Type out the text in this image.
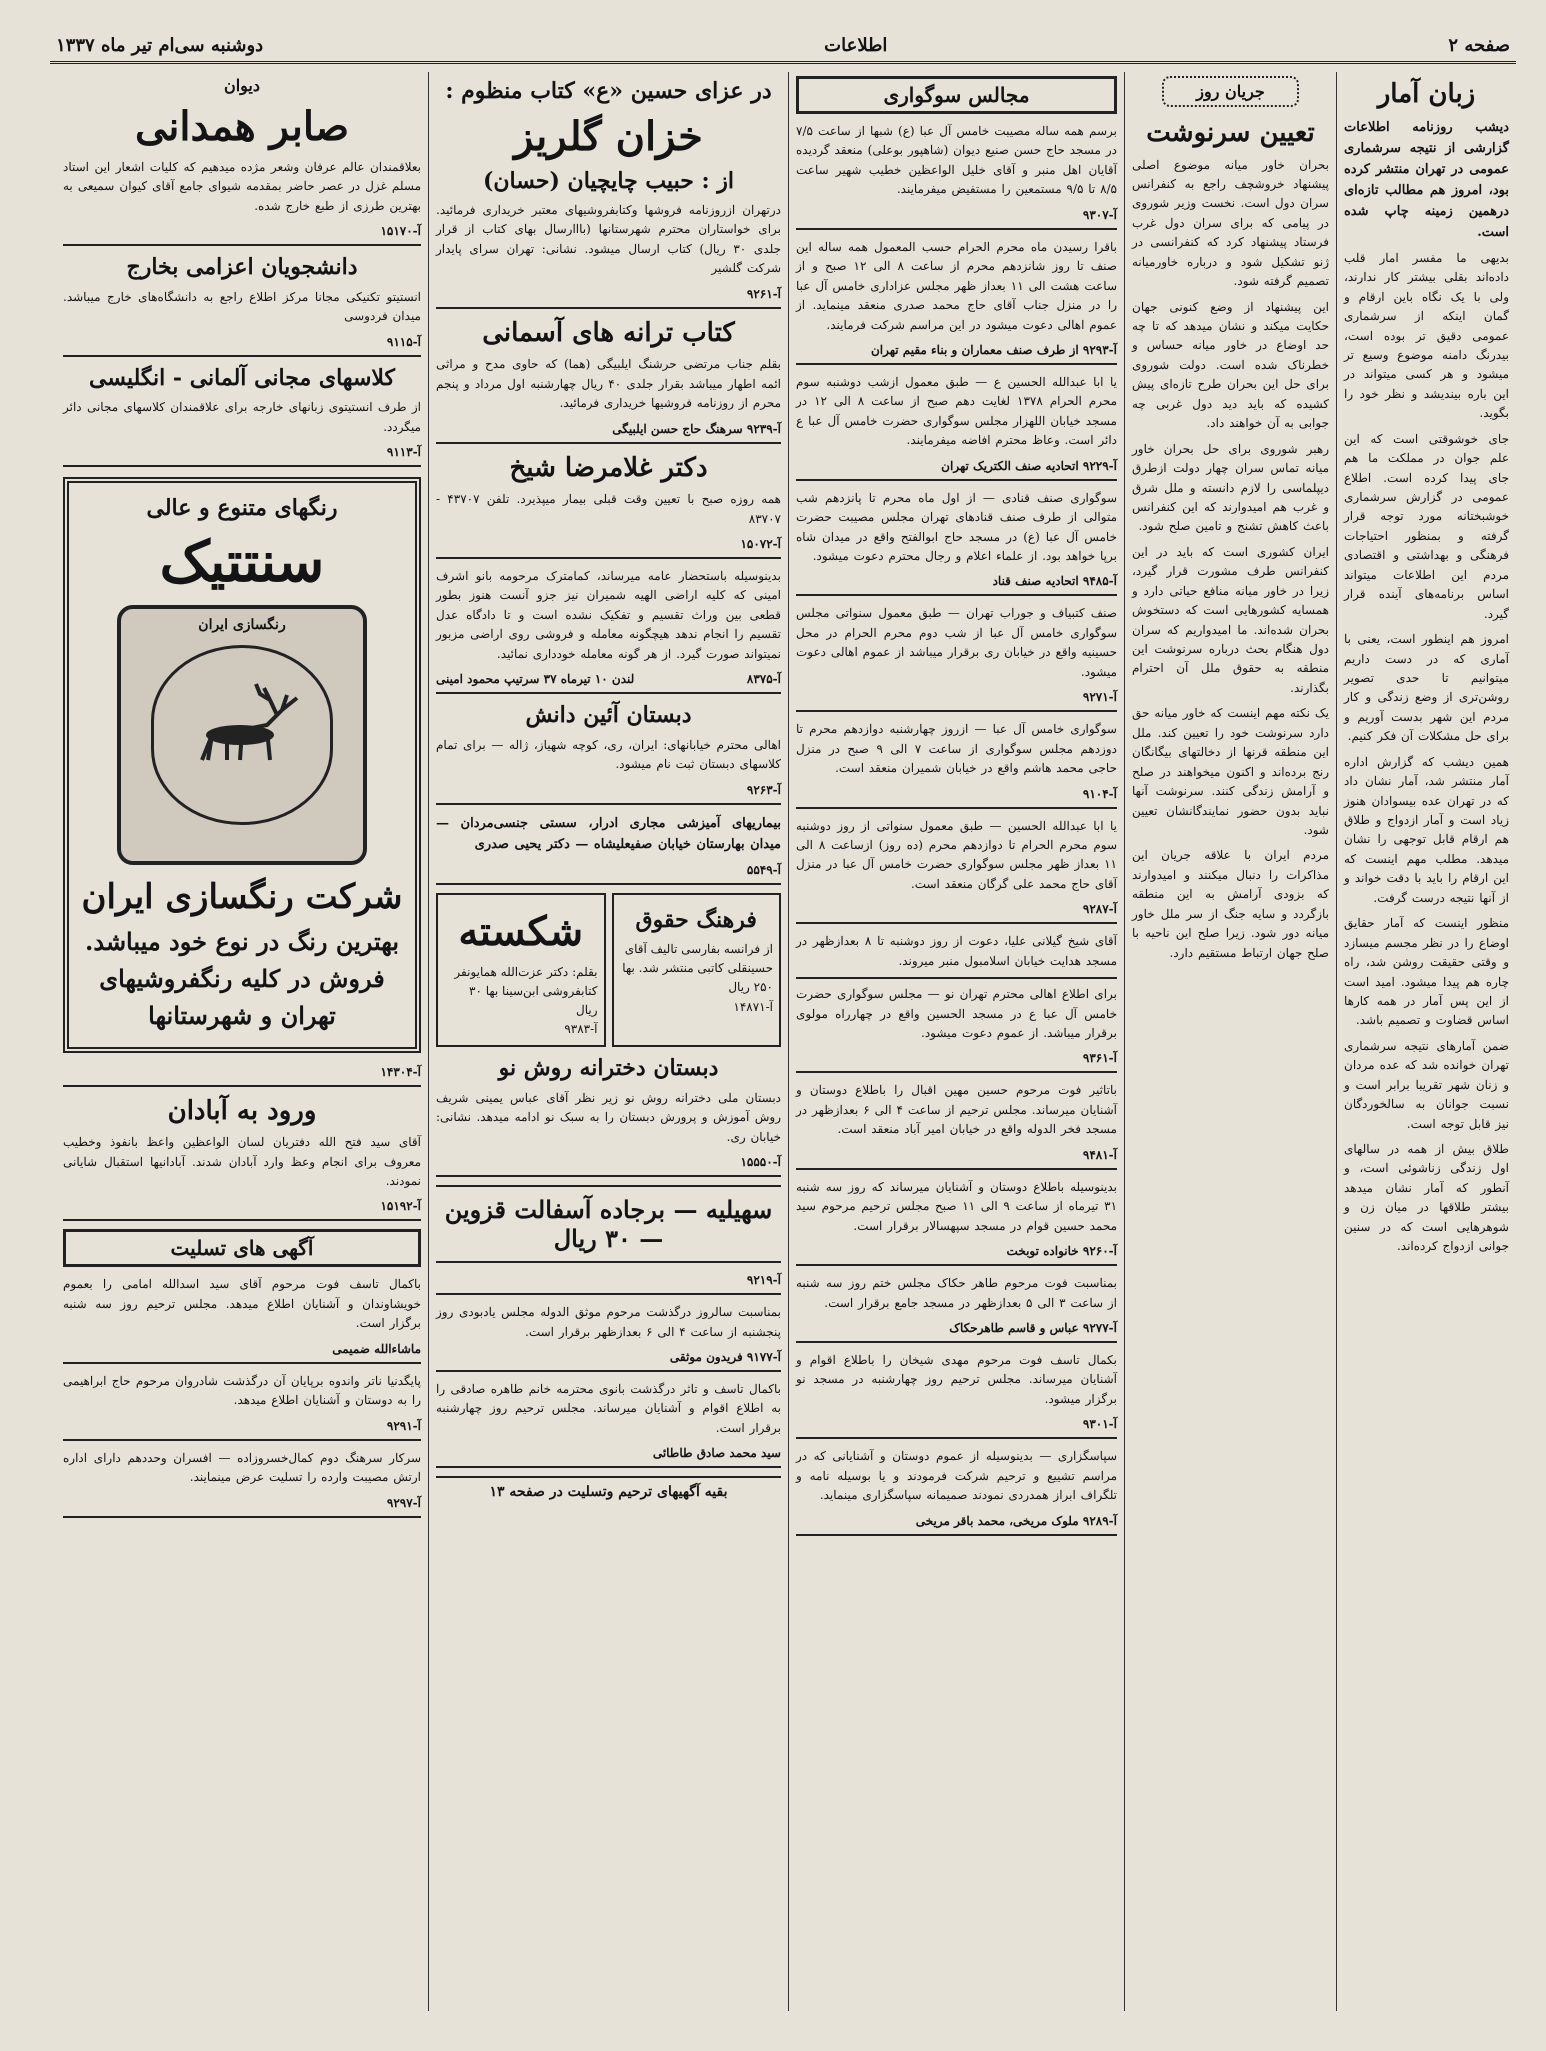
صفحه ۲
اطلاعات
دوشنبه سی‌ام تیر ماه ۱۳۳۷
زبان آمار

دیشب روزنامه اطلاعات گزارشی از نتیجه سرشماری عمومی در تهران منتشر کرده بود، امروز هم مطالب تازه‌ای درهمین زمینه چاپ شده است.

بدیهی ما مفسر امار قلب داده‌اند بقلی بیشتر کار ندارند، ولی با یک نگاه باین ارقام و گمان اینکه از سرشماری عمومی دقیق تر بوده است، بیدرنگ دامنه موضوع وسیع تر میشود و هر کسی میتواند در این باره بیندیشد و نظر خود را بگوید.

جای خوشوقتی است که این علم جوان در مملکت ما هم جای پیدا کرده است. اطلاع عمومی در گزارش سرشماری خوشبختانه مورد توجه قرار گرفته و بمنظور احتیاجات فرهنگی و بهداشتی و اقتصادی مردم این اطلاعات میتواند اساس برنامه‌های آینده قرار گیرد.

امروز هم اینطور است، یعنی با آماری که در دست داریم میتوانیم تا حدی تصویر روشن‌تری از وضع زندگی و کار مردم این شهر بدست آوریم و برای حل مشکلات آن فکر کنیم.

همین دیشب که گزارش اداره آمار منتشر شد، آمار نشان داد که در تهران عده بیسوادان هنوز زیاد است و آمار ازدواج و طلاق هم ارقام قابل توجهی را نشان میدهد. مطلب مهم اینست که این ارقام را باید با دقت خواند و از آنها نتیجه درست گرفت.

منظور اینست که آمار حقایق اوضاع را در نظر مجسم میسازد و وقتی حقیقت روشن شد، راه چاره هم پیدا میشود. امید است از این پس آمار در همه کارها اساس قضاوت و تصمیم باشد.

ضمن آمارهای نتیجه سرشماری تهران خوانده شد که عده مردان و زنان شهر تقریبا برابر است و نسبت جوانان به سالخوردگان نیز قابل توجه است.

طلاق بیش از همه در سالهای اول زندگی زناشوئی است، و آنطور که آمار نشان میدهد بیشتر طلاقها در میان زن و شوهرهایی است که در سنین جوانی ازدواج کرده‌اند.

جریان روز
تعیین سرنوشت

بحران خاور میانه موضوع اصلی پیشنهاد خروشچف راجع به کنفرانس سران دول است. نخست وزیر شوروی در پیامی که برای سران دول غرب فرستاد پیشنهاد کرد که کنفرانسی در ژنو تشکیل شود و درباره خاورمیانه تصمیم گرفته شود.

این پیشنهاد از وضع کنونی جهان حکایت میکند و نشان میدهد که تا چه حد اوضاع در خاور میانه حساس و خطرناک شده است. دولت شوروی برای حل این بحران طرح تازه‌ای پیش کشیده که باید دید دول غربی چه جوابی به آن خواهند داد.

رهبر شوروی برای حل بحران خاور میانه تماس سران چهار دولت ازطرق دیپلماسی را لازم دانسته و ملل شرق و غرب هم امیدوارند که این کنفرانس باعث کاهش تشنج و تامین صلح شود.

ایران کشوری است که باید در این کنفرانس طرف مشورت قرار گیرد، زیرا در خاور میانه منافع حیاتی دارد و همسایه کشورهایی است که دستخوش بحران شده‌اند. ما امیدواریم که سران دول هنگام بحث درباره سرنوشت این منطقه به حقوق ملل آن احترام بگذارند.

یک نکته مهم اینست که خاور میانه حق دارد سرنوشت خود را تعیین کند. ملل این منطقه قرنها از دخالتهای بیگانگان رنج برده‌اند و اکنون میخواهند در صلح و آرامش زندگی کنند. سرنوشت آنها نباید بدون حضور نمایندگانشان تعیین شود.

مردم ایران با علاقه جریان این مذاکرات را دنبال میکنند و امیدوارند که بزودی آرامش به این منطقه بازگردد و سایه جنگ از سر ملل خاور میانه دور شود. زیرا صلح این ناحیه با صلح جهان ارتباط مستقیم دارد.

مجالس سوگواری

برسم همه ساله مصیبت خامس آل عبا (ع) شبها از ساعت ۷/۵ در مسجد حاج حسن صنیع دیوان (شاهپور بوعلی) منعقد گردیده آقایان اهل منبر و آقای خلیل الواعظین خطیب شهیر ساعت ۸/۵ تا ۹/۵ مستمعین را مستفیض میفرمایند.

آ-۹۳۰۷

باقرا رسیدن ماه محرم الحرام حسب المعمول همه ساله این صنف تا روز شانزدهم محرم از ساعت ۸ الی ۱۲ صبح و از ساعت هشت الی ۱۱ بعداز ظهر مجلس عزاداری خامس آل عبا را در منزل جناب آقای حاج محمد صدری منعقد مینماید. از عموم اهالی دعوت میشود در این مراسم شرکت فرمایند.

آ-۹۲۹۳ از طرف صنف معماران و بناء مقیم تهران

یا ابا عبدالله الحسین ع — طبق معمول ازشب دوشنبه سوم محرم الحرام ۱۳۷۸ لغایت دهم صبح از ساعت ۸ الی ۱۲ در مسجد خیابان اللهزار مجلس سوگواری حضرت خامس آل عبا ع دائر است. وعاظ محترم افاضه میفرمایند.

آ-۹۲۲۹ اتحادیه صنف الکتریک تهران

سوگواری صنف قنادی — از اول ماه محرم تا پانزدهم شب متوالی از طرف صنف قنادهای تهران مجلس مصیبت حضرت خامس آل عبا (ع) در مسجد حاج ابوالفتح واقع در میدان شاه برپا خواهد بود. از علماء اعلام و رجال محترم دعوت میشود.

آ-۹۴۸۵ اتحادیه صنف قناد

صنف کتبیاف و جوراب تهران — طبق معمول سنواتی مجلس سوگواری خامس آل عبا از شب دوم محرم الحرام در محل حسینیه واقع در خیابان ری برقرار میباشد از عموم اهالی دعوت میشود.

آ-۹۲۷۱

سوگواری خامس آل عبا — ازروز چهارشنبه دوازدهم محرم تا دوزدهم مجلس سوگواری از ساعت ۷ الی ۹ صبح در منزل حاجی محمد هاشم واقع در خیابان شمیران منعقد است.

آ-۹۱۰۴

یا ابا عبدالله الحسین — طبق معمول سنواتی از روز دوشنبه سوم محرم الحرام تا دوازدهم محرم (ده روز) ازساعت ۸ الی ۱۱ بعداز ظهر مجلس سوگواری حضرت خامس آل عبا در منزل آقای حاج محمد علی گرگان منعقد است.

آ-۹۲۸۷

آقای شیخ گیلانی علیا، دعوت از روز دوشنبه تا ۸ بعدازظهر در مسجد هدایت خیابان اسلامبول منبر میروند.

برای اطلاع اهالی محترم تهران نو — مجلس سوگواری حضرت خامس آل عبا ع در مسجد الحسین واقع در چهارراه مولوی برقرار میباشد. از عموم دعوت میشود.

آ-۹۳۶۱

باتاثیر فوت مرحوم حسین مهین اقبال را باطلاع دوستان و آشنایان میرساند. مجلس ترحیم از ساعت ۴ الی ۶ بعدازظهر در مسجد فخر الدوله واقع در خیابان امیر آباد منعقد است.

آ-۹۴۸۱

بدینوسیله باطلاع دوستان و آشنایان میرساند که روز سه شنبه ۳۱ تیرماه از ساعت ۹ الی ۱۱ صبح مجلس ترحیم مرحوم سید محمد حسین قوام در مسجد سپهسالار برقرار است.

آ-۹۲۶۰ خانواده توبخت

بمناسبت فوت مرحوم طاهر حکاک مجلس ختم روز سه شنبه از ساعت ۳ الی ۵ بعدازظهر در مسجد جامع برقرار است.

آ-۹۲۷۷ عباس و قاسم طاهرحکاک

بکمال تاسف فوت مرحوم مهدی شیخان را باطلاع اقوام و آشنایان میرساند. مجلس ترحیم روز چهارشنبه در مسجد نو برگزار میشود.

آ-۹۳۰۱

سپاسگزاری — بدینوسیله از عموم دوستان و آشنایانی که در مراسم تشییع و ترحیم شرکت فرمودند و یا بوسیله نامه و تلگراف ابراز همدردی نمودند صمیمانه سپاسگزاری مینماید.

آ-۹۲۸۹ ملوک مریخی، محمد باقر مریخی
در عزای حسین «ع» کتاب منظوم :
خزان گلریز
از : حبیب چایچیان (حسان)

درتهران ازروزنامه فروشها وکتابفروشیهای معتبر خریداری فرمائید. برای خواستاران محترم شهرستانها (بااارسال بهای کتاب از قرار جلدی ۳۰ ریال) کتاب ارسال میشود. نشانی: تهران سرای پایدار شرکت گلشیر

آ-۹۲۶۱
کتاب ترانه های آسمانی

بقلم جناب مرتضی حرشنگ ایلبیگی (هما) که حاوی مدح و مراثی ائمه اطهار میباشد بقرار جلدی ۴۰ ریال چهارشنبه اول مرداد و پنجم محرم از روزنامه فروشیها خریداری فرمائید.

آ-۹۲۳۹ سرهنگ حاج حسن ایلبیگی
دکتر غلامرضا شیخ

همه روزه صبح با تعیین وقت قبلی بیمار میپذیرد. تلفن ۴۳۷۰۷ - ۸۳۷۰۷

آ-۱۵۰۷۲

بدینوسیله باستحضار عامه میرساند، کمامترک مرحومه بانو اشرف امینی که کلیه اراضی الهیه شمیران نیز جزو آنست هنوز بطور قطعی بین وراث تقسیم و تفکیک نشده است و تا دادگاه عدل تقسیم را انجام ندهد هیچگونه معامله و فروشی روی اراضی مزبور نمیتواند صورت گیرد. از هر گونه معامله خودداری نمائید.

آ-۸۳۷۵
لندن ۱۰ تیرماه ۳۷ سرتیپ محمود امینی
دبستان آئین دانش

اهالی محترم خیابانهای: ایران، ری، کوچه شهیاز، ژاله — برای تمام کلاسهای دبستان ثبت نام میشود.

آ-۹۲۶۳

بیماریهای آمیزشی مجاری ادرار، سستی جنسی‌مردان — میدان بهارستان خیابان صفیعلیشاه — دکتر یحیی صدری

آ-۵۵۴۹
فرهنگ حقوق
از فرانسه بفارسی تالیف آقای حسینقلی کاتبی منتشر شد. بها ۲۵۰ ریال
آ-۱۴۸۷۱
شکسته
بقلم: دکتر عزت‌الله همایونفر
کتابفروشی ابن‌سینا بها ۳۰ ریال
آ-۹۳۸۳
دبستان دخترانه روش نو

دبستان ملی دخترانه روش نو زیر نظر آقای عباس یمینی شریف روش آموزش و پرورش دبستان را به سبک نو ادامه میدهد. نشانی: خیابان ری.

آ-۱۵۵۵۰
سهیلیه — برجاده آسفالت قزوین — ۳۰ ریال
آ-۹۲۱۹

بمناسبت سالروز درگذشت مرحوم موثق الدوله مجلس یادبودی روز پنجشنبه از ساعت ۴ الی ۶ بعدازظهر برقرار است.

آ-۹۱۷۷ فریدون موثقی

باکمال تاسف و تاثر درگذشت بانوی محترمه خانم طاهره صادقی را به اطلاع اقوام و آشنایان میرساند. مجلس ترحیم روز چهارشنبه برقرار است.

سید محمد صادق طاطائی
بقیه آگهیهای ترحیم وتسلیت در صفحه ۱۳
دیوان
صابر همدانی

بعلاقمندان عالم عرفان وشعر مژده میدهیم که کلیات اشعار این استاد مسلم غزل در عصر حاضر بمقدمه شیوای جامع آقای کیوان سمیعی به بهترین طرزی از طبع خارج شده.

آ-۱۵۱۷۰
دانشجویان اعزامی بخارج

انستیتو تکنیکی مجانا مرکز اطلاع راجع به دانشگاه‌های خارج میباشد. میدان فردوسی

آ-۹۱۱۵
کلاسهای مجانی آلمانی - انگلیسی

از طرف انستیتوی زبانهای خارجه برای علاقمندان کلاسهای مجانی دائر میگردد.

آ-۹۱۱۳
رنگهای متنوع و عالی
سنتتیک
رنگسازی ایران
شرکت رنگسازی ایران
بهترین رنگ در نوع خود میباشد. فروش در کلیه رنگفروشیهای تهران و شهرستانها
آ-۱۴۳۰۴
ورود به آبادان

آقای سید فتح الله دفتریان لسان الواعظین واعظ بانفوذ وخطیب معروف برای انجام وعظ وارد آبادان شدند. آبادانیها استقبال شایانی نمودند.

آ-۱۵۱۹۲
آگهی های تسلیت

باکمال تاسف فوت مرحوم آقای سید اسدالله امامی را بعموم خویشاوندان و آشنایان اطلاع میدهد. مجلس ترحیم روز سه شنبه برگزار است.

ماشاءالله ضمیمی

پایگدنیا ناتر واندوه برپایان آن درگذشت شادروان مرحوم حاج ابراهیمی را به دوستان و آشنایان اطلاع میدهد.

آ-۹۲۹۱

سرکار سرهنگ دوم کمال‌خسروزاده — افسران وحددهم دارای اداره ارتش مصیبت وارده را تسلیت عرض مینمایند.

آ-۹۲۹۷
